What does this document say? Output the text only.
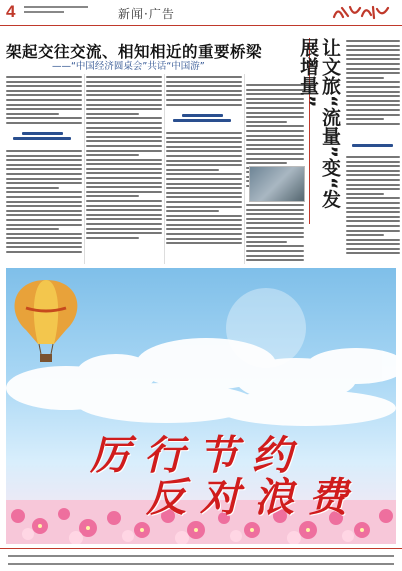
4	新闻·广告
架起交往交流、相知相近的重要桥梁
——“中国经济圆桌会”共话“中国游”	让文旅“流量”变“发展增量”
厉行节约
反对浪费
